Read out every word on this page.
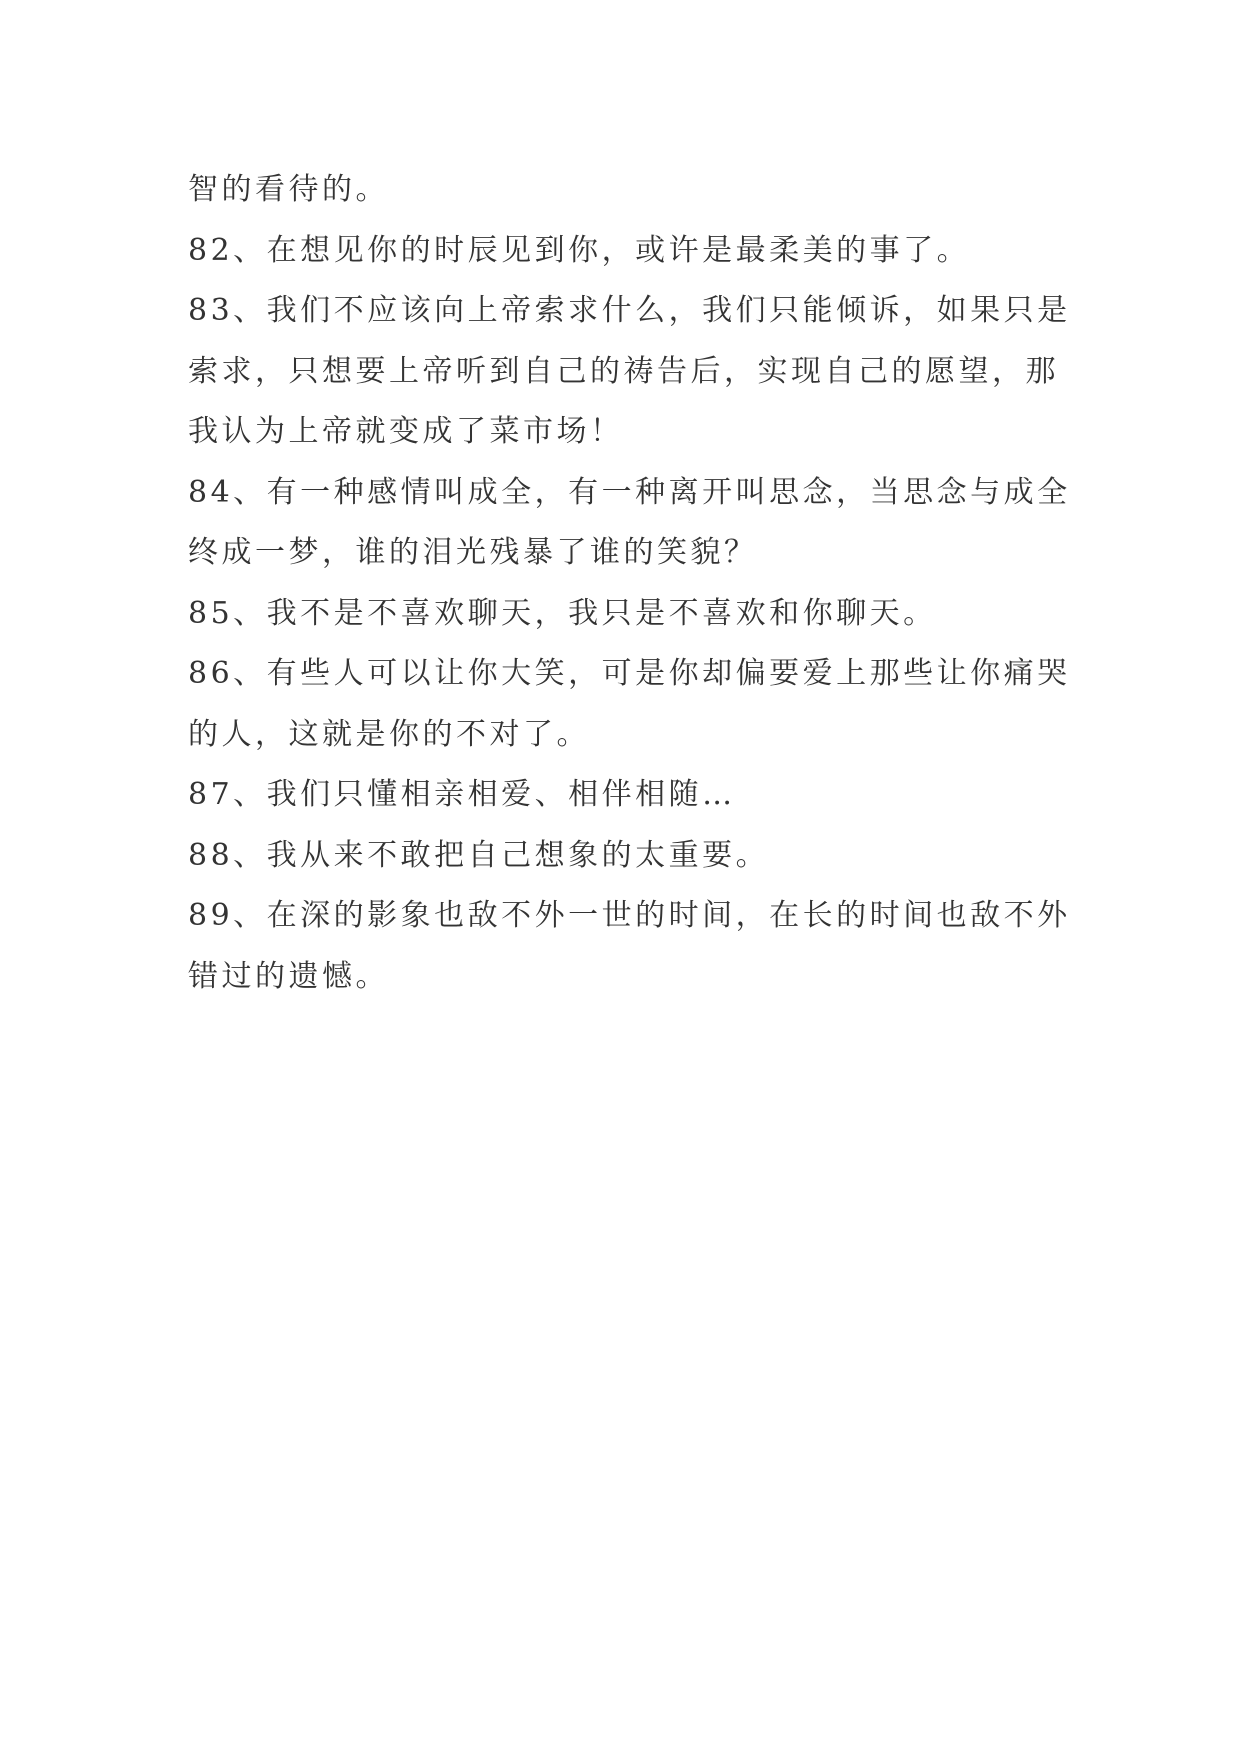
智的看待的。
82、在想见你的时辰见到你，或许是最柔美的事了。
83、我们不应该向上帝索求什么，我们只能倾诉，如果只是
索求，只想要上帝听到自己的祷告后，实现自己的愿望，那
我认为上帝就变成了菜市场！
84、有一种感情叫成全，有一种离开叫思念，当思念与成全
终成一梦，谁的泪光残暴了谁的笑貌？
85、我不是不喜欢聊天，我只是不喜欢和你聊天。
86、有些人可以让你大笑，可是你却偏要爱上那些让你痛哭
的人，这就是你的不对了。
87、我们只懂相亲相爱、相伴相随…
88、我从来不敢把自己想象的太重要。
89、在深的影象也敌不外一世的时间，在长的时间也敌不外
错过的遗憾。
